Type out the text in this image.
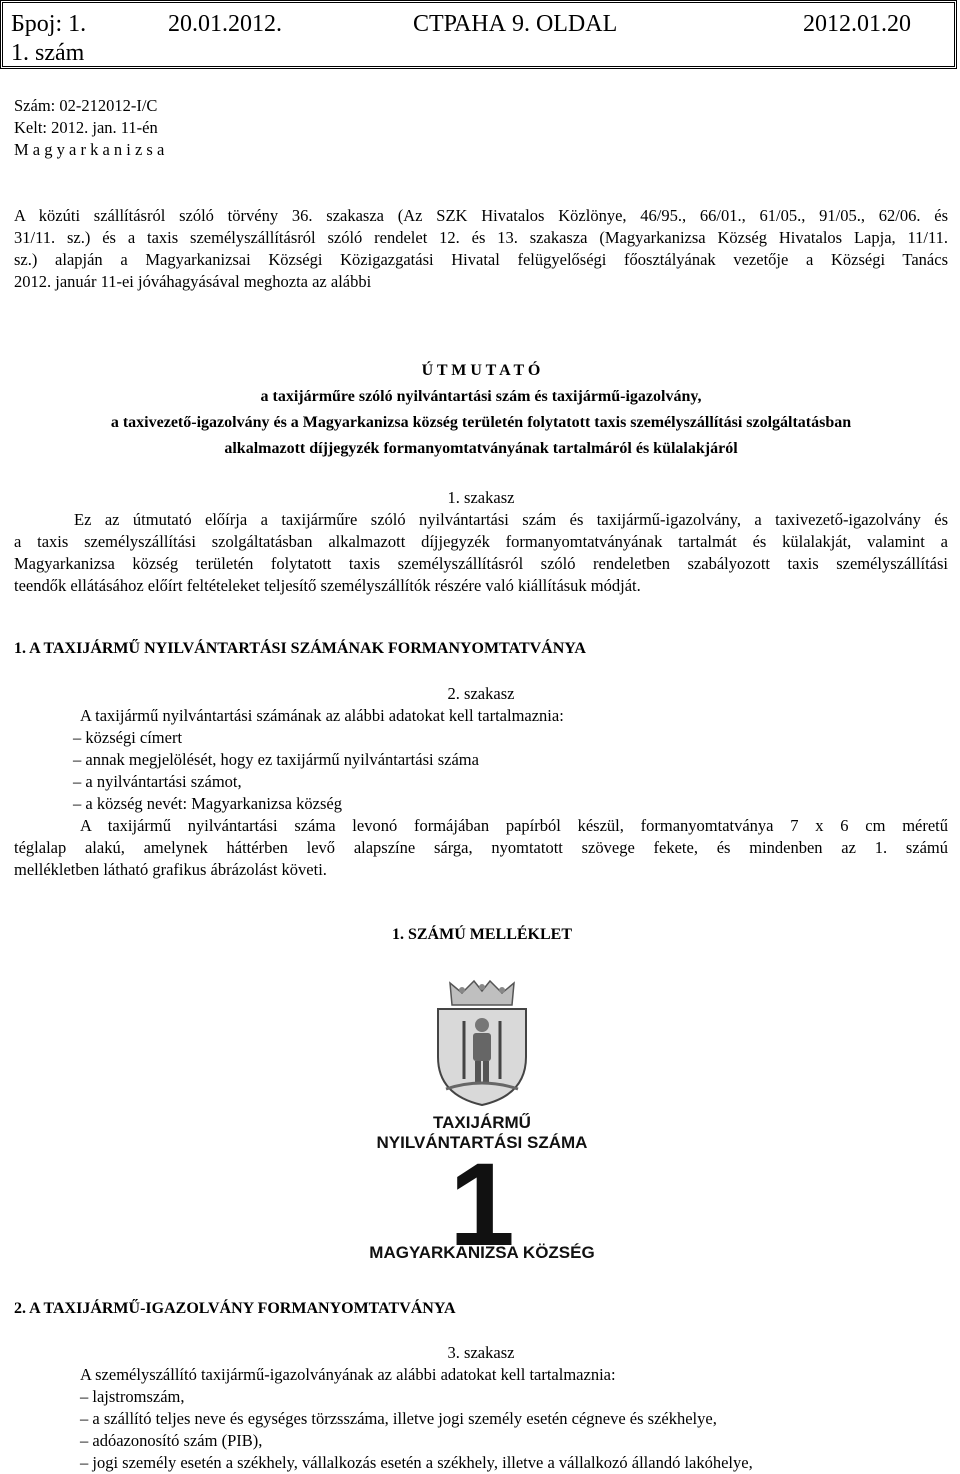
Број: 1.	20.01.2012.	СТРАНА 9. OLDAL	2012.01.20
1. szám
Szám: 02-212012-I/C
Kelt: 2012. jan. 11-én
M a g y a r k a n i z s a
A közúti szállításról szóló törvény 36. szakasza (Az SZK Hivatalos Közlönye, 46/95., 66/01., 61/05., 91/05., 62/06. és
31/11. sz.) és a taxis személyszállításról szóló rendelet 12. és 13. szakasza (Magyarkanizsa Község Hivatalos Lapja, 11/11.
sz.) alapján a Magyarkanizsai Községi Közigazgatási Hivatal felügyelőségi főosztályának vezetője a Községi Tanács
2012. január 11-ei jóváhagyásával meghozta az alábbi
Ú T M U T A T Ó
a taxijárműre szóló nyilvántartási szám és taxijármű-igazolvány,
a taxivezető-igazolvány és a Magyarkanizsa község területén folytatott taxis személyszállítási szolgáltatásban
alkalmazott díjjegyzék formanyomtatványának tartalmáról és külalakjáról
1. szakasz
Ez az útmutató előírja a taxijárműre szóló nyilvántartási szám és taxijármű-igazolvány, a taxivezető-igazolvány és
a taxis személyszállítási szolgáltatásban alkalmazott díjjegyzék formanyomtatványának tartalmát és külalakját, valamint a
Magyarkanizsa község területén folytatott taxis személyszállításról szóló rendeletben szabályozott taxis személyszállítási
teendők ellátásához előírt feltételeket teljesítő személyszállítók részére való kiállításuk módját.
1. A TAXIJÁRMŰ NYILVÁNTARTÁSI SZÁMÁNAK FORMANYOMTATVÁNYA
2. szakasz
A taxijármű nyilvántartási számának az alábbi adatokat kell tartalmaznia:
– községi címert
– annak megjelölését, hogy ez taxijármű nyilvántartási száma
– a nyilvántartási számot,
– a község nevét: Magyarkanizsa község
A taxijármű nyilvántartási száma levonó formájában papírból készül, formanyomtatványa 7 x 6 cm méretű
téglalap alakú, amelynek háttérben levő alapszíne sárga, nyomtatott szövege fekete, és mindenben az 1. számú
mellékletben látható grafikus ábrázolást követi.
1. SZÁMÚ MELLÉKLET
TAXIJÁRMŰ
NYILVÁNTARTÁSI SZÁMA
1
MAGYARKANIZSA KÖZSÉG
2. A TAXIJÁRMŰ-IGAZOLVÁNY FORMANYOMTATVÁNYA
3. szakasz
A személyszállító taxijármű-igazolványának az alábbi adatokat kell tartalmaznia:
– lajstromszám,
– a szállító teljes neve és egységes törzsszáma, illetve jogi személy esetén cégneve és székhelye,
– adóazonosító szám (PIB),
– jogi személy esetén a székhely, vállalkozás esetén a székhely, illetve a vállalkozó állandó lakóhelye,
